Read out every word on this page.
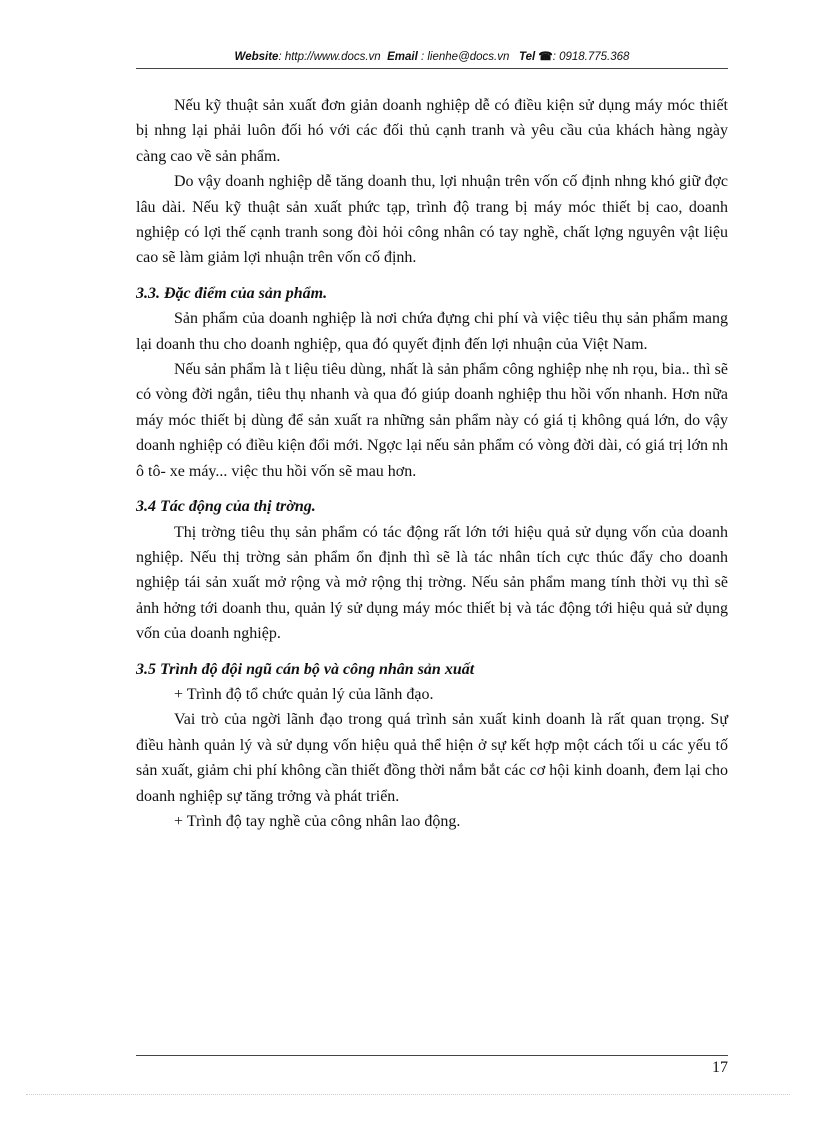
Website: http://www.docs.vn Email : lienhe@docs.vn Tel ☎: 0918.775.368

Nếu kỹ thuật sản xuất đơn giản doanh nghiệp dễ có điều kiện sử dụng máy móc thiết bị nhng lại phải luôn đối hó với các đối thủ cạnh tranh và yêu cầu của khách hàng ngày càng cao về sản phẩm.

Do vậy doanh nghiệp dễ tăng doanh thu, lợi nhuận trên vốn cố định nhng khó giữ đợc lâu dài. Nếu kỹ thuật sản xuất phức tạp, trình độ trang bị máy móc thiết bị cao, doanh nghiệp có lợi thế cạnh tranh song đòi hỏi công nhân có tay nghề, chất lợng nguyên vật liệu cao sẽ làm giảm lợi nhuận trên vốn cố định.

3.3. Đặc điểm của sản phẩm.

Sản phẩm của doanh nghiệp là nơi chứa đựng chi phí và việc tiêu thụ sản phẩm mang lại doanh thu cho doanh nghiệp, qua đó quyết định đến lợi nhuận của Việt Nam.

Nếu sản phẩm là t liệu tiêu dùng, nhất là sản phẩm công nghiệp nhẹ nh rọu, bia.. thì sẽ có vòng đời ngắn, tiêu thụ nhanh và qua đó giúp doanh nghiệp thu hồi vốn nhanh. Hơn nữa máy móc thiết bị dùng để sản xuất ra những sản phẩm này có giá tị không quá lớn, do vậy doanh nghiệp có điều kiện đổi mới. Ngợc lại nếu sản phẩm có vòng đời dài, có giá trị lớn nh ô tô- xe máy... việc thu hồi vốn sẽ mau hơn.

3.4 Tác động của thị trờng.

Thị trờng tiêu thụ sản phẩm có tác động rất lớn tới hiệu quả sử dụng vốn của doanh nghiệp. Nếu thị trờng sản phẩm ổn định thì sẽ là tác nhân tích cực thúc đẩy cho doanh nghiệp tái sản xuất mở rộng và mở rộng thị trờng. Nếu sản phẩm mang tính thời vụ thì sẽ ảnh hởng tới doanh thu, quản lý sử dụng máy móc thiết bị và tác động tới hiệu quả sử dụng vốn của doanh nghiệp.

3.5 Trình độ đội ngũ cán bộ và công nhân sản xuất

+ Trình độ tổ chức quản lý của lãnh đạo.

Vai trò của ngời lãnh đạo trong quá trình sản xuất kinh doanh là rất quan trọng. Sự điều hành quản lý và sử dụng vốn hiệu quả thể hiện ở sự kết hợp một cách tối u các yếu tố sản xuất, giảm chi phí không cần thiết đồng thời nắm bắt các cơ hội kinh doanh, đem lại cho doanh nghiệp sự tăng trởng và phát triển.

+ Trình độ tay nghề của công nhân lao động.

17
